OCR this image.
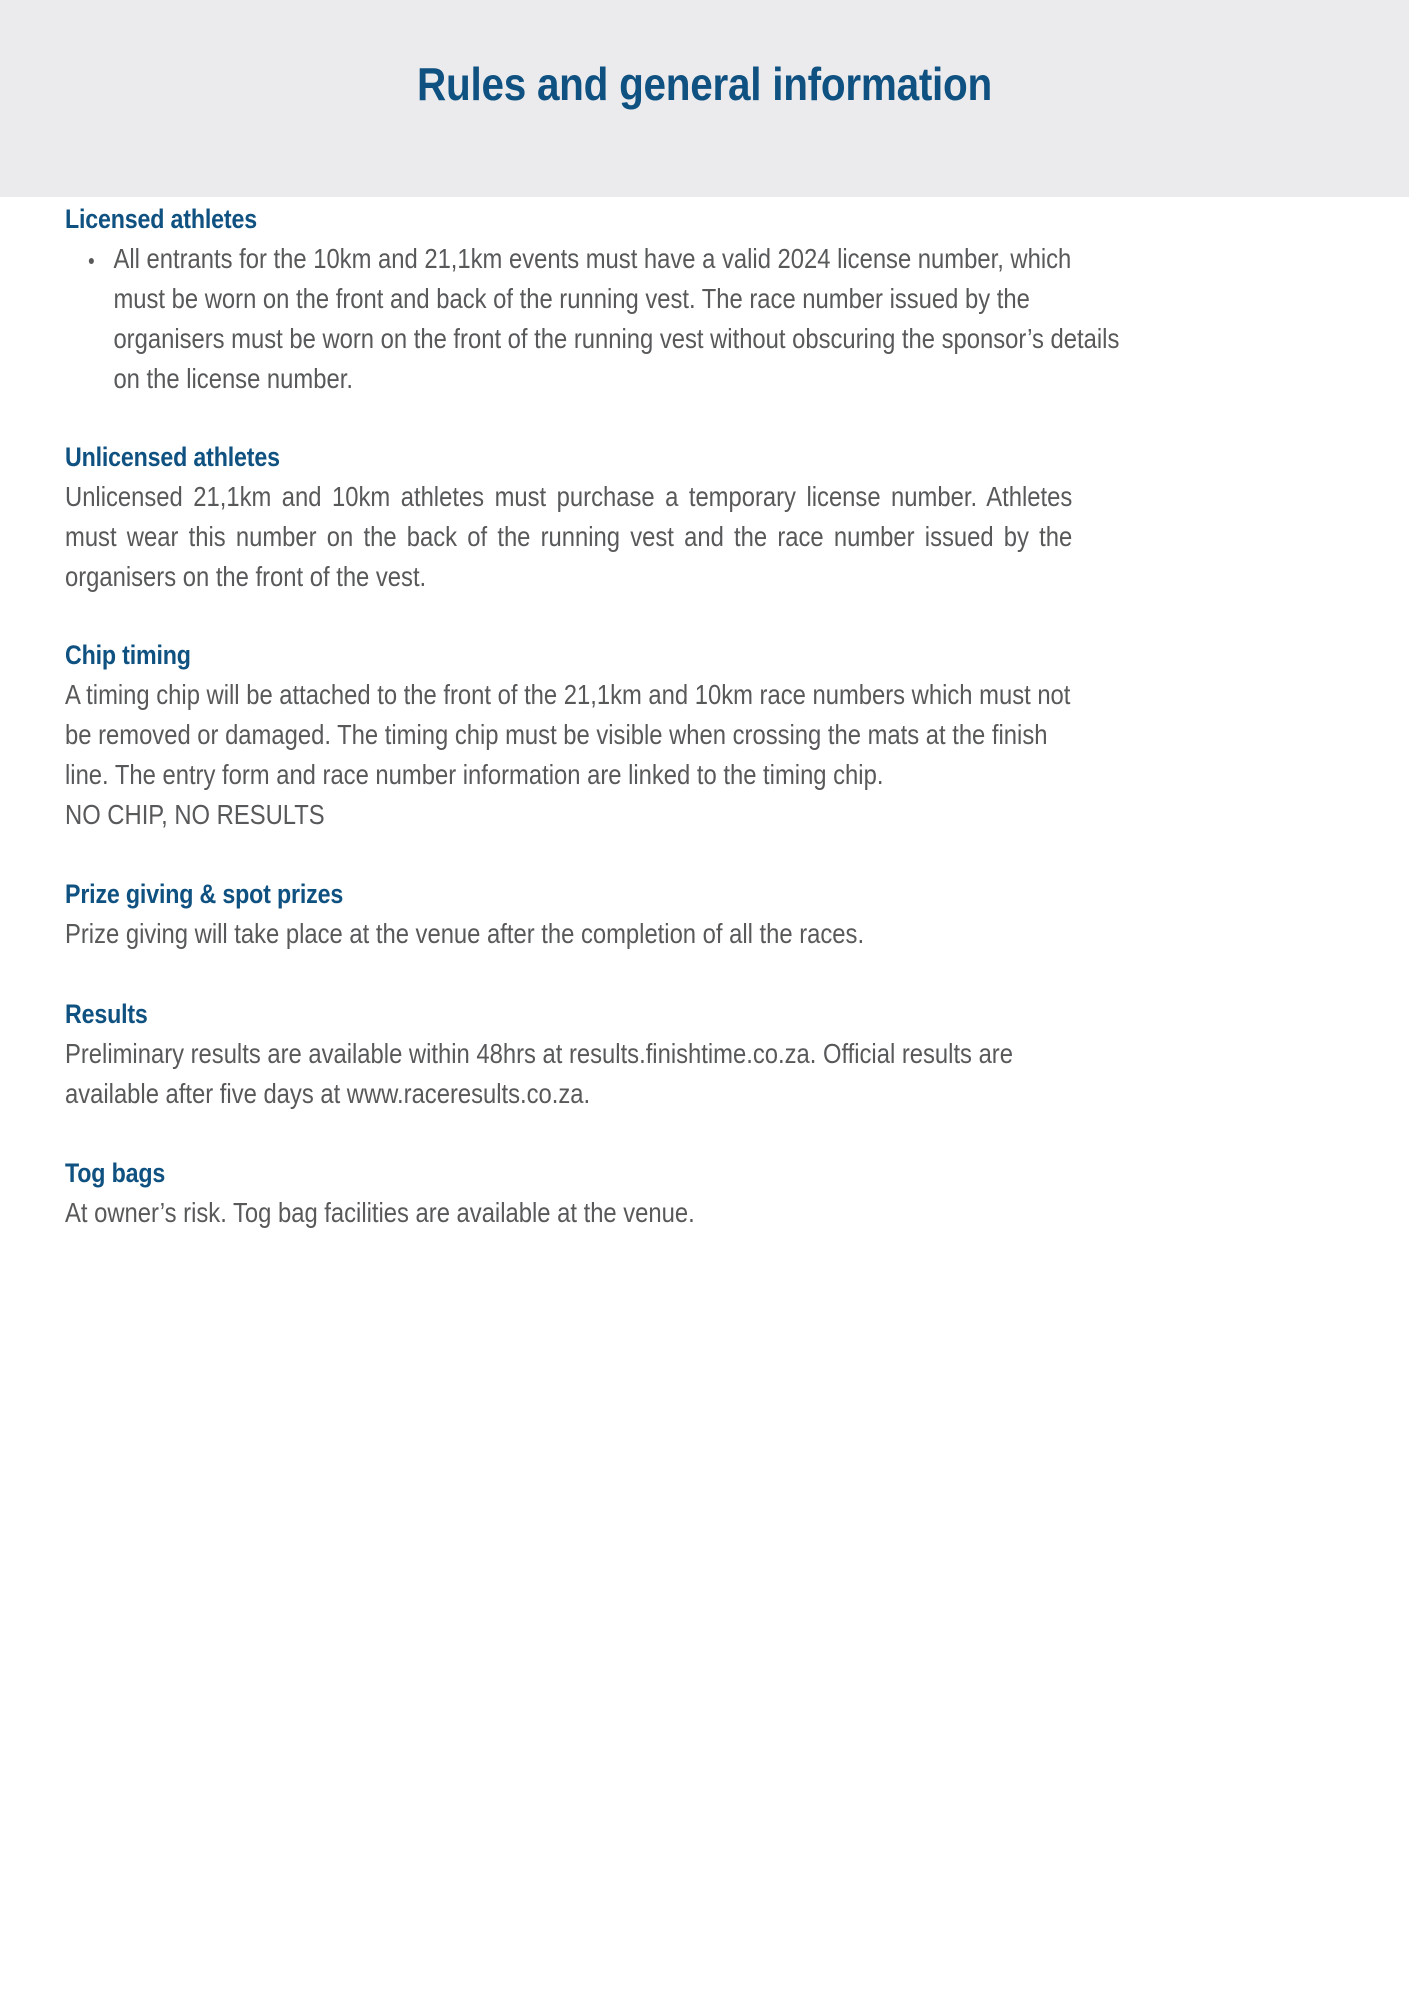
Rules and general information
Licensed athletes
All entrants for the 10km and 21,1km events must have a valid 2024 license number, which must be worn on the front and back of the running vest. The race number issued by the organisers must be worn on the front of the running vest without obscuring the sponsor’s details on the license number.
Unlicensed athletes

Unlicensed 21,1km and 10km athletes must purchase a temporary license number. Athletes must wear this number on the back of the running vest and the race number issued by the organisers on the front of the vest.

Chip timing

A timing chip will be attached to the front of the 21,1km and 10km race numbers which must not be removed or damaged. The timing chip must be visible when crossing the mats at the finish line. The entry form and race number information are linked to the timing chip.

NO CHIP, NO RESULTS

Prize giving & spot prizes

Prize giving will take place at the venue after the completion of all the races.

Results

Preliminary results are available within 48hrs at results.finishtime.co.za. Official results are available after five days at www.raceresults.co.za.

Tog bags

At owner’s risk. Tog bag facilities are available at the venue.
